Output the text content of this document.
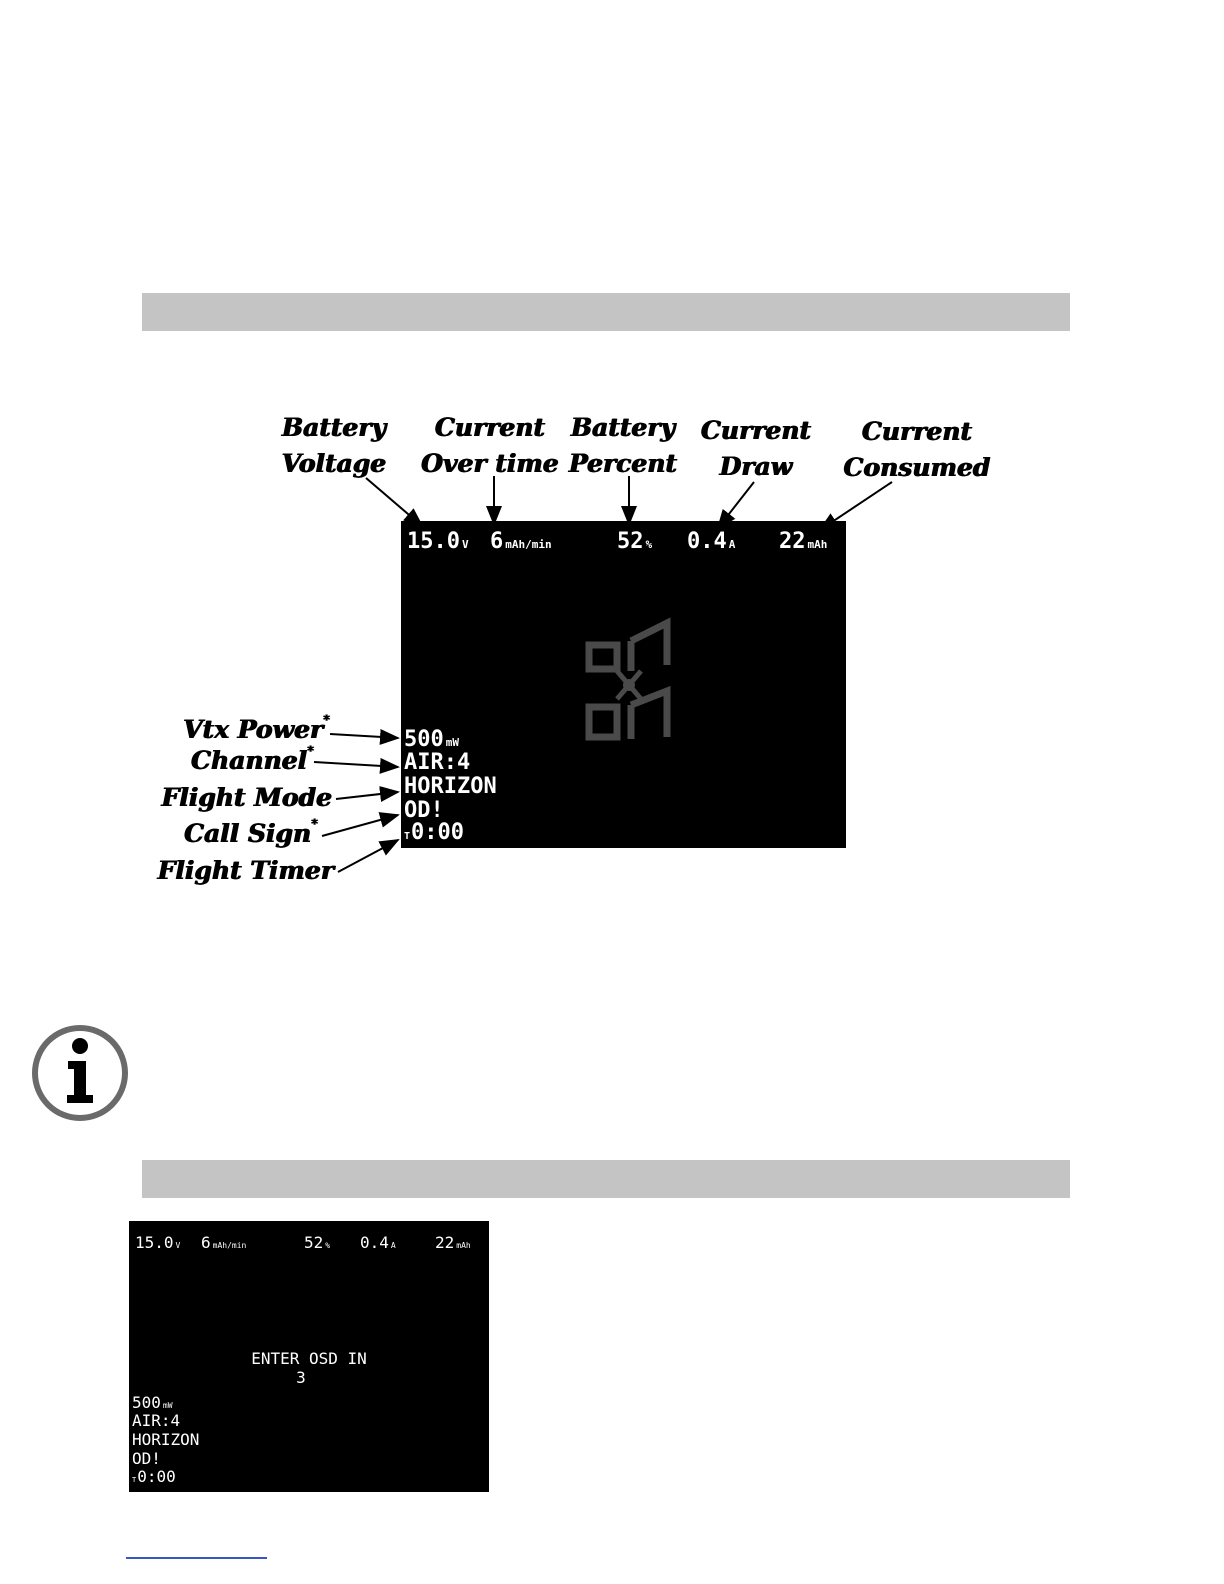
Battery
Voltage
Current
Over time
Battery
Percent
Current
Draw
Current
Consumed
Vtx Power*
Channel*
Flight Mode
Call Sign*
Flight Timer
15.0 V 6 mAh/min	52 % 0.4 A 22 mAh
500 mW
AIR:4
HORIZON
OD!
T0:00
15.0 V 6 mAh/min	52 % 0.4 A 22 mAh
ENTER OSD IN
3
500 mW
AIR:4
HORIZON
OD!
T0:00
